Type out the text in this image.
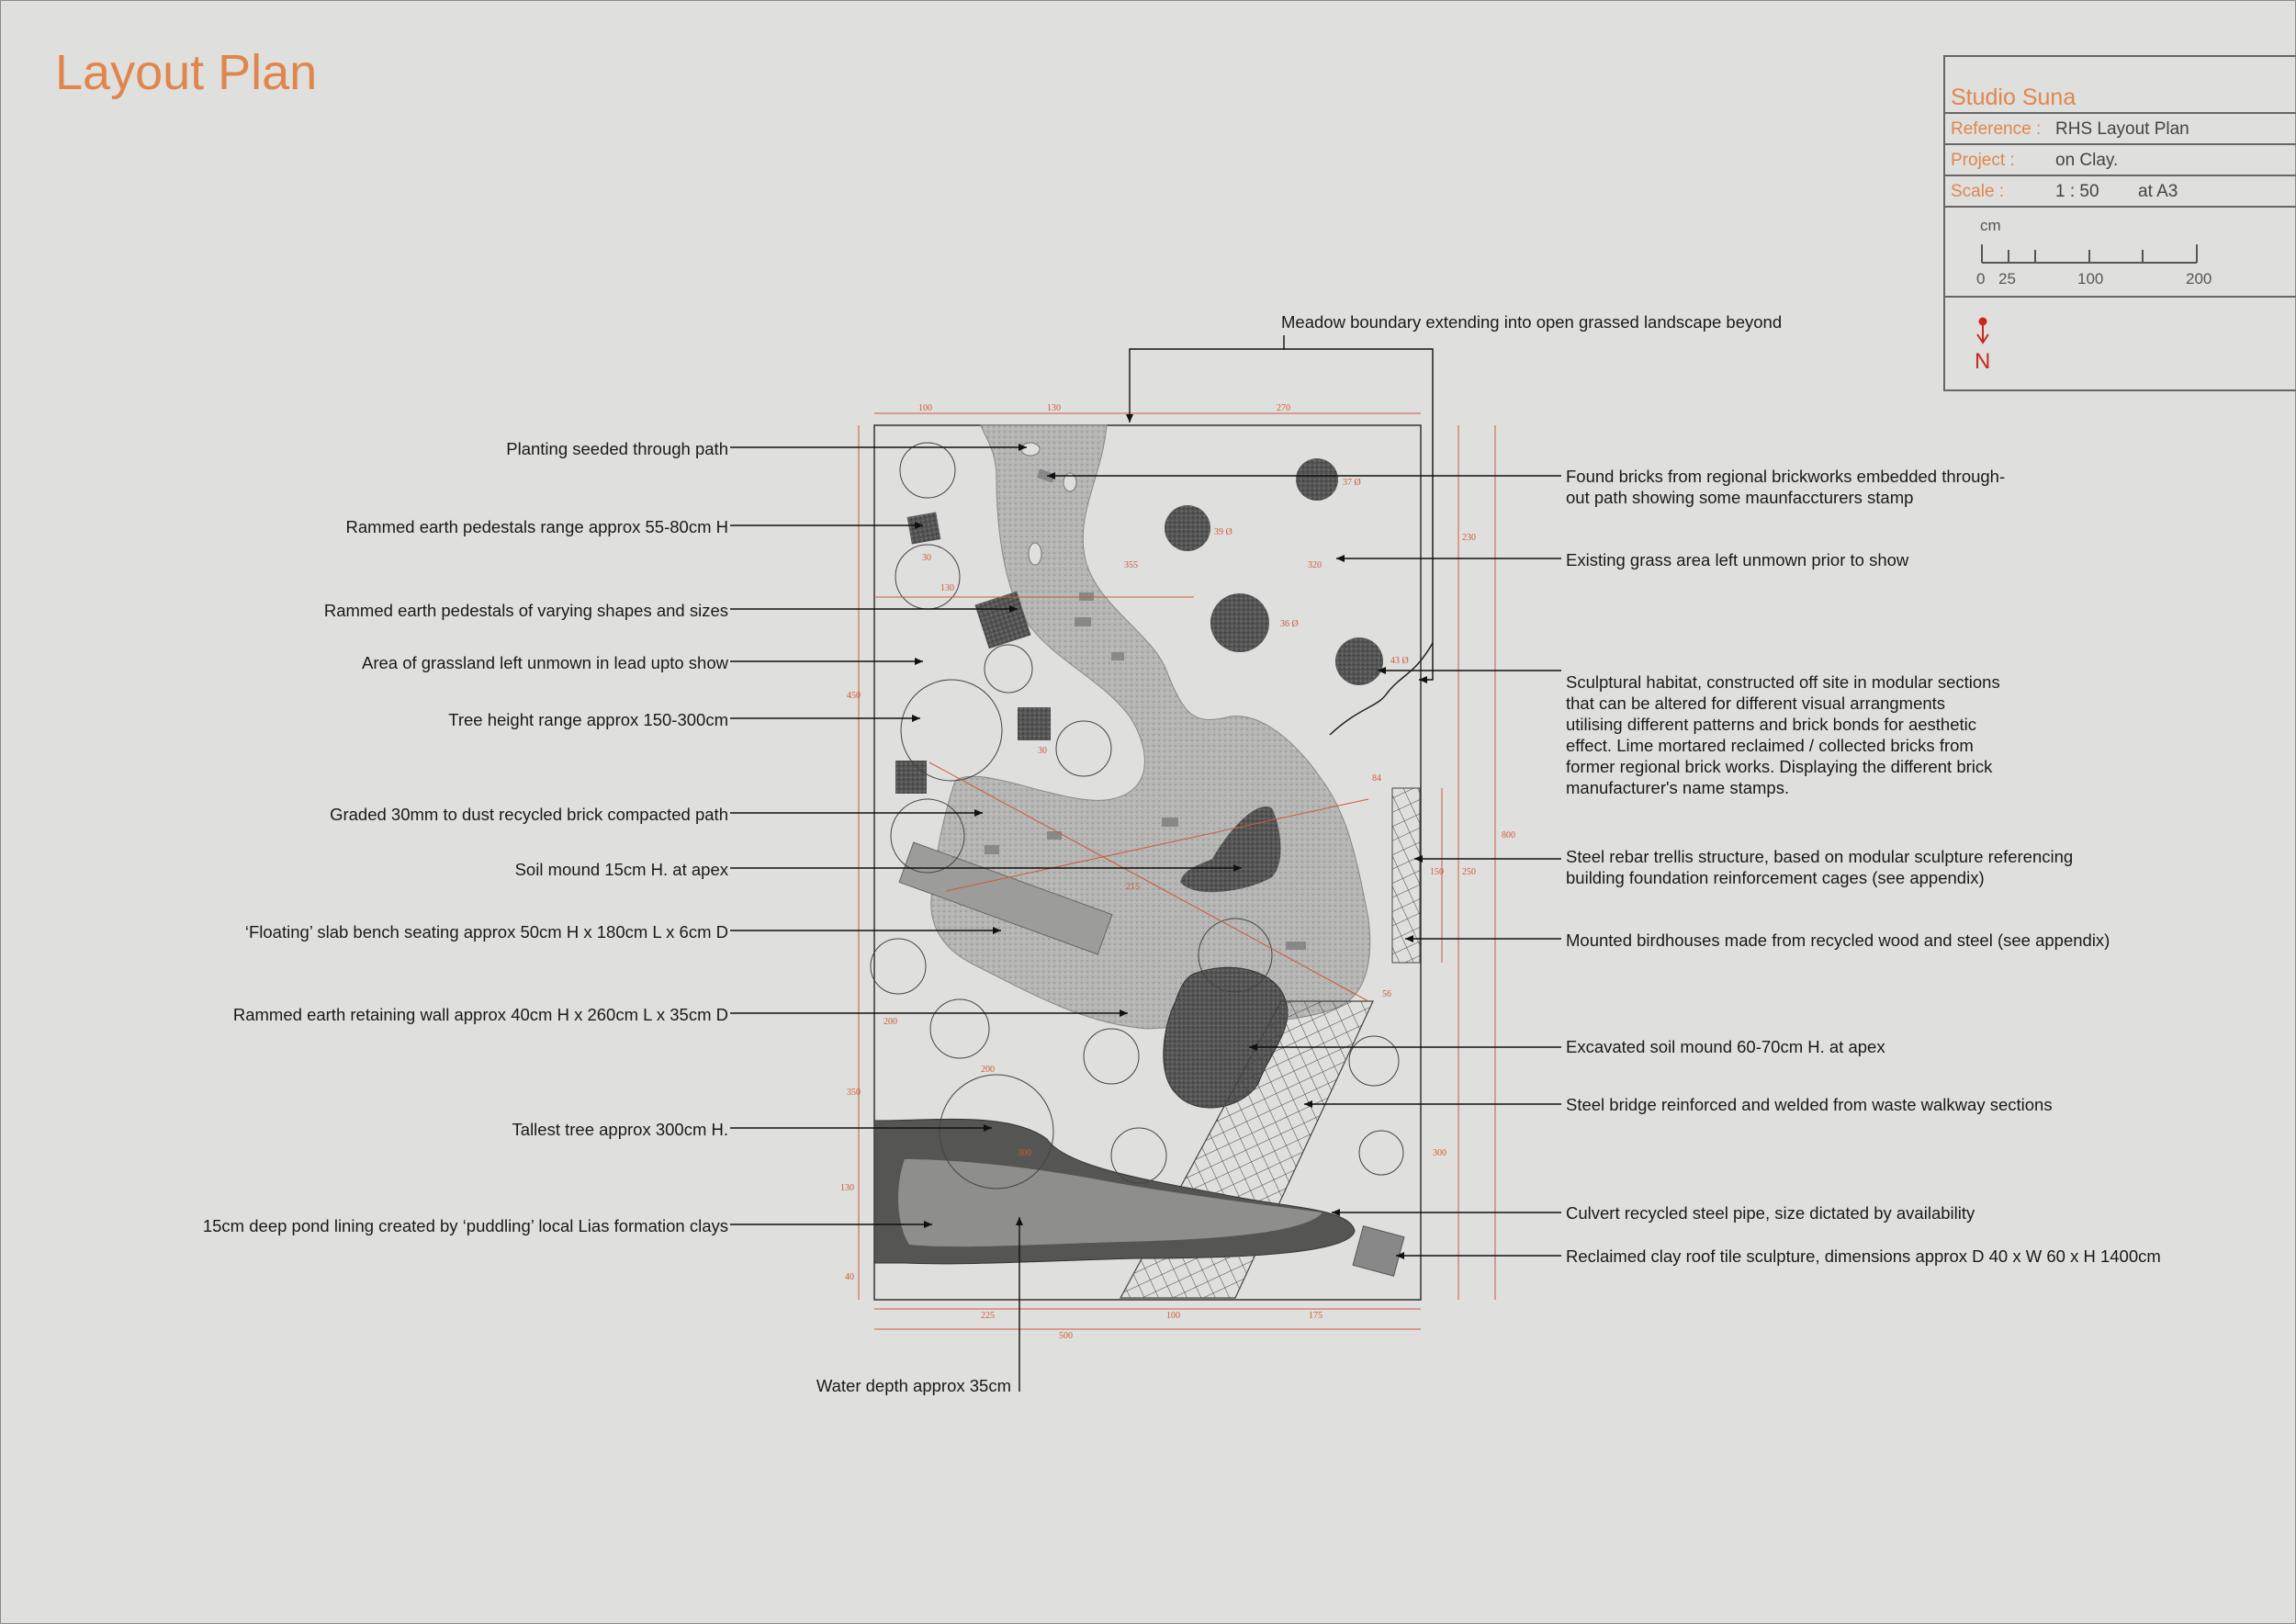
Layout Plan	Studio Suna
Reference : RHS Layout Plan
Project : on Clay.
Scale :	1 : 50 at A3
cm
0 25	100	200
N
100	130	270
225	100	175
500
450
350
130
40
200
230
800
250
150
300
37 Ø
39 Ø
36 Ø
43 Ø
355	320
84
56
30
130
30
200
300
215
Meadow boundary extending into open grassed landscape beyond
Planting seeded through path
Rammed earth pedestals range approx 55-80cm H
Rammed earth pedestals of varying shapes and sizes
Area of grassland left unmown in lead upto show
Tree height range approx 150-300cm
Graded 30mm to dust recycled brick compacted path
Soil mound 15cm H. at apex
‘Floating’ slab bench seating approx 50cm H x 180cm L x 6cm D
Rammed earth retaining wall approx 40cm H x 260cm L x 35cm D
Tallest tree approx 300cm H.
15cm deep pond lining created by ‘puddling’ local Lias formation clays
Found bricks from regional brickworks embedded through-
out path showing some maunfaccturers stamp
Existing grass area left unmown prior to show
Sculptural habitat, constructed off site in modular sections
that can be altered for different visual arrangments
utilising different patterns and brick bonds for aesthetic
effect. Lime mortared reclaimed / collected bricks from
former regional brick works. Displaying the different brick
manufacturer's name stamps.
Steel rebar trellis structure, based on modular sculpture referencing
building foundation reinforcement cages (see appendix)
Mounted birdhouses made from recycled wood and steel (see appendix)
Excavated soil mound 60-70cm H. at apex
Steel bridge reinforced and welded from waste walkway sections
Culvert recycled steel pipe, size dictated by availability
Reclaimed clay roof tile sculpture, dimensions approx D 40 x W 60 x H 1400cm
Water depth approx 35cm
